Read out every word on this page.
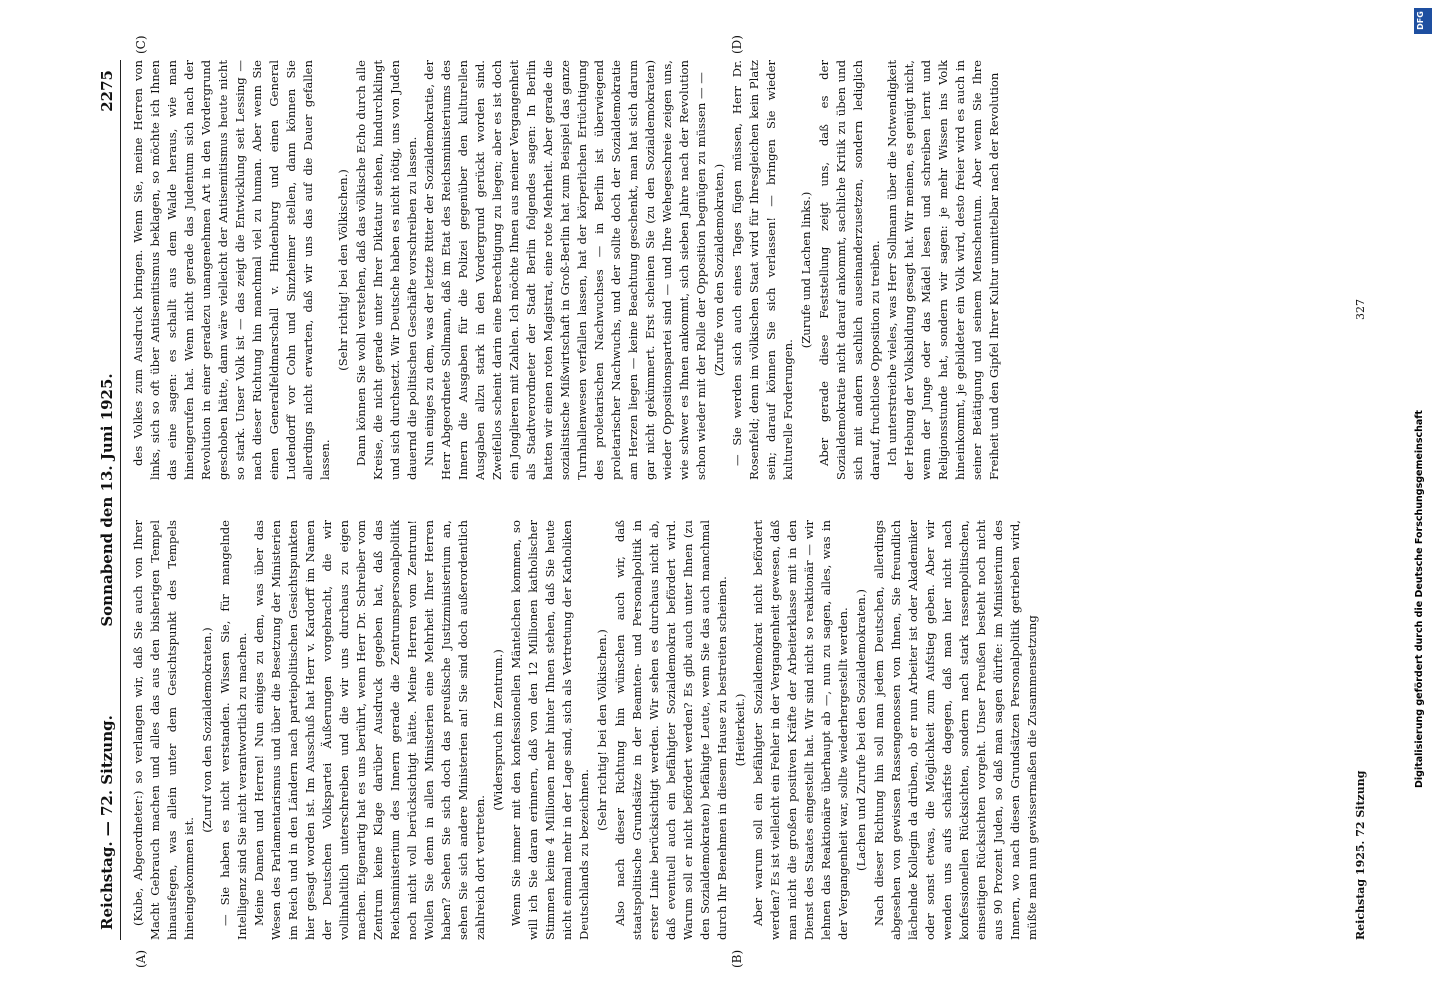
Reichstag. — 72. Sitzung.
Sonnabend den 13. Juni 1925.
2275

(Kube, Abgeordneter:) so verlangen wir, daß Sie auch von Ihrer Macht Gebrauch machen und alles das aus den bisherigen Tempel hinausfegen, was allein unter dem Gesichtspunkt des Tempels hineingekommen ist.

(Zuruf von den Sozialdemokraten.) — Sie haben es nicht verstanden. Wissen Sie, für mangelnde Intelligenz sind Sie nicht verantwortlich zu machen. Meine Damen und Herren! Nun einiges zu dem, was über das Wesen des Parlamentarismus und über die Besetzung der Ministerien im Reich und in den Ländern nach parteipolitischen Gesichtspunkten hier gesagt worden ist. Im Ausschuß hat Herr v. Kardorff im Namen der Deutschen Volkspartei Äußerungen vorgebracht, die wir vollinhaltlich unterschreiben und die wir uns durchaus zu eigen machen. Eigenartig hat es uns berührt, wenn Herr Dr. Schreiber vom Zentrum keine Klage darüber Ausdruck gegeben hat, daß das Reichsministerium des Innern gerade die Zentrumspersonalpolitik noch nicht voll berücksichtigt hätte. Meine Herren vom Zentrum! Wollen Sie denn in allen Ministerien eine Mehrheit Ihrer Herren haben? Sehen Sie sich doch das preußische Justizministerium an, sehen Sie sich andere Ministerien an! Sie sind doch außerordentlich zahlreich dort vertreten.

(Widerspruch im Zentrum.) Wenn Sie immer mit den konfessionellen Mäntelchen kommen, so will ich Sie daran erinnern, daß von den 12 Millionen katholischer Stimmen keine 4 Millionen mehr hinter Ihnen stehen, daß Sie heute nicht einmal mehr in der Lage sind, sich als Vertretung der Katholiken Deutschlands zu bezeichnen.

(Sehr richtig! bei den Völkischen.) Also nach dieser Richtung hin wünschen auch wir, daß staatspolitische Grundsätze in der Beamten- und Personalpolitik in erster Linie berücksichtigt werden. Wir sehen es durchaus nicht ab, daß eventuell auch ein befähigter Sozialdemokrat befördert wird. Warum soll er nicht befördert werden? Es gibt auch unter Ihnen (zu den Sozialdemokraten) befähigte Leute, wenn Sie das auch manchmal durch Ihr Benehmen in diesem Hause zu bestreiten scheinen. (Heiterkeit.) Aber warum soll ein befähigter Sozialdemokrat nicht befördert werden? Es ist vielleicht ein Fehler in der Vergangenheit gewesen, daß man nicht die großen positiven Kräfte der Arbeiterklasse mit in den Dienst des Staates eingestellt hat. Wir sind nicht so reaktionär — wir lehnen das Reaktionäre überhaupt ab —, nun zu sagen, alles, was in der Vergangenheit war, sollte wiederhergestellt werden. (Lachen und Zurufe bei den Sozialdemokraten.) Nach dieser Richtung hin soll man jedem Deutschen, allerdings abgesehen von gewissen Rassengenossen von Ihnen, Sie freundlich lächelnde Kollegin da drüben, ob er nun Arbeiter ist oder Akademiker oder sonst etwas, die Möglichkeit zum Aufstieg geben. Aber wir wenden uns aufs schärfste dagegen, daß man hier nicht nach konfessionellen Rücksichten, sondern nach stark rassenpolitischen, einseitigen Rücksichten vorgeht. Unser Preußen besteht noch nicht aus 90 Prozent Juden, so daß man sagen dürfte: im Ministerium des Innern, wo nach diesen Grundsätzen Personalpolitik getrieben wird, müßte man nun gewissermaßen die Zusammensetzung

des Volkes zum Ausdruck bringen. Wenn Sie, meine Herren von links, sich so oft über Antisemitismus beklagen, so möchte ich Ihnen das eine sagen: es schallt aus dem Walde heraus, wie man hineingerufen hat. Wenn nicht gerade das Judentum sich nach der Revolution in einer geradezu unangenehmen Art in den Vordergrund geschoben hätte, dann wäre vielleicht der Antisemitismus heute nicht so stark. Unser Volk ist — das zeigt die Entwicklung seit Lessing — nach dieser Richtung hin manchmal viel zu human. Aber wenn Sie einen Generalfeldmarschall v. Hindenburg und einen General Ludendorff vor Cohn und Sinzheimer stellen, dann können Sie allerdings nicht erwarten, daß wir uns das auf die Dauer gefallen lassen.

(Sehr richtig! bei den Völkischen.) Dann können Sie wohl verstehen, daß das völkische Echo durch alle Kreise, die nicht gerade unter Ihrer Diktatur stehen, hindurchklingt und sich durchsetzt. Wir Deutsche haben es nicht nötig, uns von Juden dauernd die politischen Geschäfte vorschreiben zu lassen. Nun einiges zu dem, was der letzte Ritter der Sozialdemokratie, der Herr Abgeordnete Sollmann, daß im Etat des Reichsministeriums des Innern die Ausgaben für die Polizei gegenüber den kulturellen Ausgaben allzu stark in den Vordergrund gerückt worden sind. Zweifellos scheint darin eine Berechtigung zu liegen; aber es ist doch ein Jonglieren mit Zahlen. Ich möchte Ihnen aus meiner Vergangenheit als Stadtverordneter der Stadt Berlin folgendes sagen: In Berlin hatten wir einen roten Magistrat, eine rote Mehrheit. Aber gerade die sozialistische Mißwirtschaft in Groß-Berlin hat zum Beispiel das ganze Turnhallenwesen verfallen lassen, hat der körperlichen Ertüchtigung des proletarischen Nachwuchses — in Berlin ist überwiegend proletarischer Nachwuchs, und der sollte doch der Sozialdemokratie am Herzen liegen — keine Beachtung geschenkt, man hat sich darum gar nicht gekümmert. Erst scheinen Sie (zu den Sozialdemokraten) wieder Oppositionspartei sind — und Ihre Wehegeschreie zeigen uns, wie schwer es Ihnen ankommt, sich sieben Jahre nach der Revolution schon wieder mit der Rolle der Opposition begnügen zu müssen — — (Zurufe von den Sozialdemokraten.) — Sie werden sich auch eines Tages fügen müssen, Herr Dr. Rosenfeld; denn im völkischen Staat wird für Ihresgleichen kein Platz sein; darauf können Sie sich verlassen! — bringen Sie wieder kulturelle Forderungen.

(Zurufe und Lachen links.) Aber gerade diese Feststellung zeigt uns, daß es der Sozialdemokratie nicht darauf ankommt, sachliche Kritik zu üben und sich mit andern sachlich auseinanderzusetzen, sondern lediglich darauf, fruchtlose Opposition zu treiben. Ich unterstreiche vieles, was Herr Sollmann über die Notwendigkeit der Hebung der Volksbildung gesagt hat. Wir meinen, es genügt nicht, wenn der Junge oder das Mädel lesen und schreiben lernt und Religionsstunde hat, sondern wir sagen: je mehr Wissen ins Volk hineinkommt, je gebildeter ein Volk wird, desto freier wird es auch in seiner Betätigung und seinem Menschentum. Aber wenn Sie Ihre Freiheit und den Gipfel Ihrer Kultur unmittelbar nach der Revolution

(A)	(B)
(C)	(D)
Reichstag 1925. 72 Sitzung
327
DFG
Digitalisierung gefördert durch die Deutsche Forschungsgemeinschaft
